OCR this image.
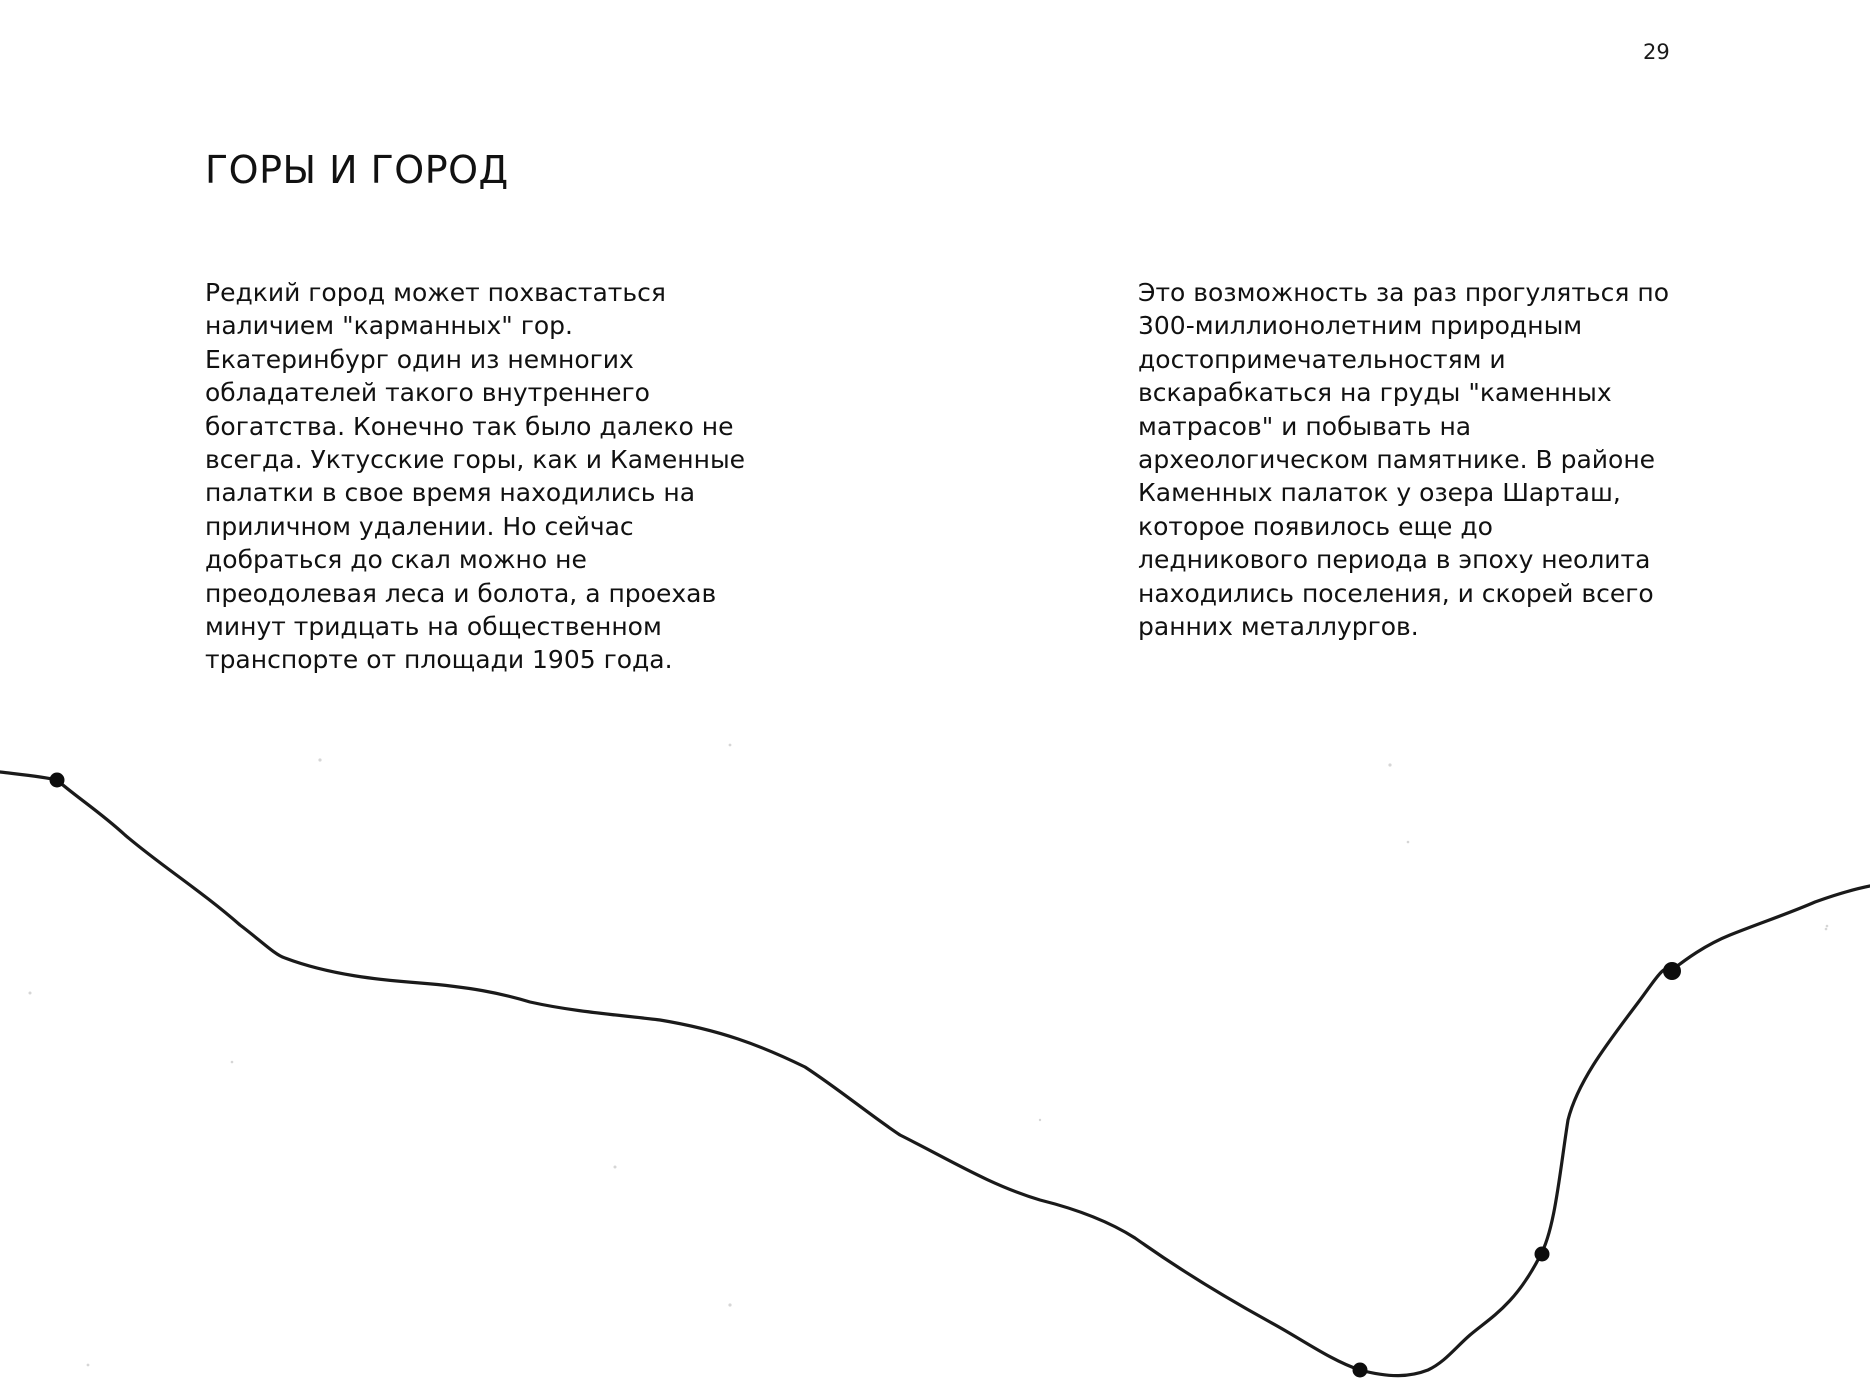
29
ГОРЫ И ГОРОД
Редкий город может похвастаться
наличием "карманных" гор.
Екатеринбург один из немногих
обладателей такого внутреннего
богатства. Конечно так было далеко не
всегда. Уктусские горы, как и Каменные
палатки в свое время находились на
приличном удалении. Но сейчас
добраться до скал можно не
преодолевая леса и болота, а проехав
минут тридцать на общественном
транспорте от площади 1905 года.
Это возможность за раз прогуляться по
300-миллионолетним природным
достопримечательностям и
вскарабкаться на груды "каменных
матрасов" и побывать на
археологическом памятнике. В районе
Каменных палаток у озера Шарташ,
которое появилось еще до
ледникового периода в эпоху неолита
находились поселения, и скорей всего
ранних металлургов.
